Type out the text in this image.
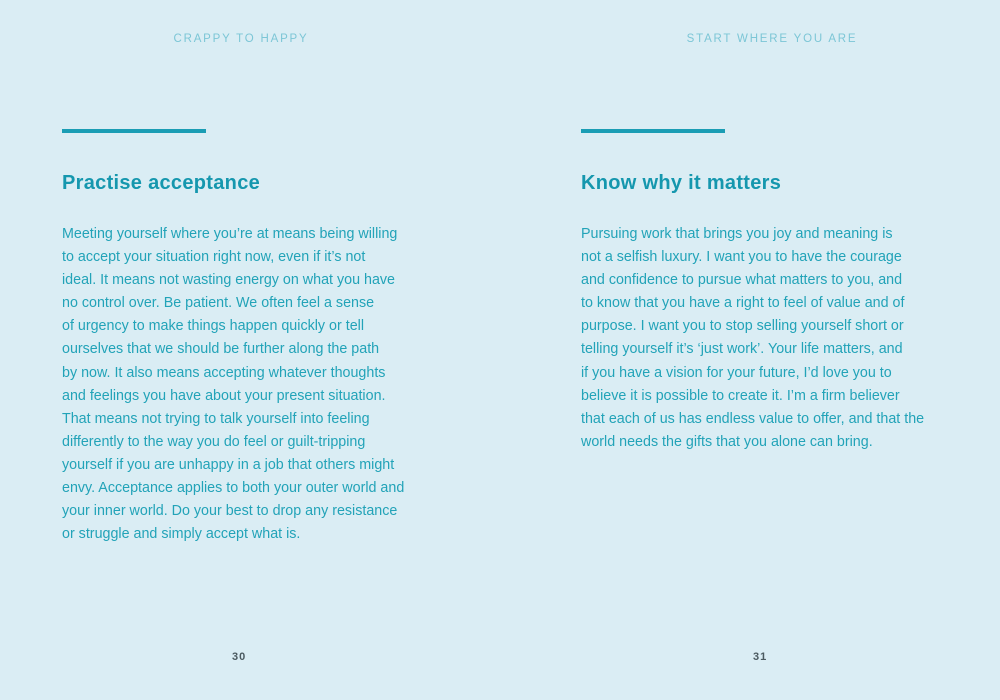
CRAPPY TO HAPPY
Practise acceptance
Meeting yourself where you’re at means being willing
to accept your situation right now, even if it’s not
ideal. It means not wasting energy on what you have
no control over. Be patient. We often feel a sense
of urgency to make things happen quickly or tell
ourselves that we should be further along the path
by now. It also means accepting whatever thoughts
and feelings you have about your present situation.
That means not trying to talk yourself into feeling
differently to the way you do feel or guilt-tripping
yourself if you are unhappy in a job that others might
envy. Acceptance applies to both your outer world and
your inner world. Do your best to drop any resistance
or struggle and simply accept what is.
30
START WHERE YOU ARE
Know why it matters
Pursuing work that brings you joy and meaning is
not a selfish luxury. I want you to have the courage
and confidence to pursue what matters to you, and
to know that you have a right to feel of value and of
purpose. I want you to stop selling yourself short or
telling yourself it’s ‘just work’. Your life matters, and
if you have a vision for your future, I’d love you to
believe it is possible to create it. I’m a firm believer
that each of us has endless value to offer, and that the
world needs the gifts that you alone can bring.
31
